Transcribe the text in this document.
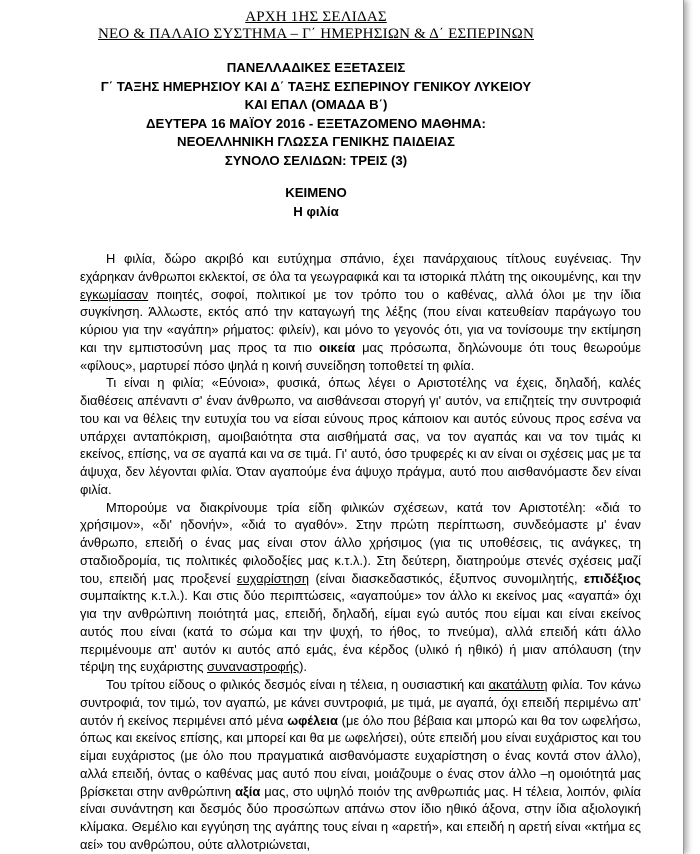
ΑΡΧΗ 1ΗΣ ΣΕΛΙΔΑΣ
ΝΕΟ & ΠΑΛΑΙΟ ΣΥΣΤΗΜΑ – Γ΄ ΗΜΕΡΗΣΙΩΝ & Δ΄ ΕΣΠΕΡΙΝΩΝ
ΠΑΝΕΛΛΑΔΙΚΕΣ ΕΞΕΤΑΣΕΙΣ
Γ΄ ΤΑΞΗΣ ΗΜΕΡΗΣΙΟΥ ΚΑΙ Δ΄ ΤΑΞΗΣ ΕΣΠΕΡΙΝΟΥ ΓΕΝΙΚΟΥ ΛΥΚΕΙΟΥ
ΚΑΙ ΕΠΑΛ (ΟΜΑΔΑ Β΄)
ΔΕΥΤΕΡΑ 16 ΜΑΪΟΥ 2016 - ΕΞΕΤΑΖΟΜΕΝΟ ΜΑΘΗΜΑ:
ΝΕΟΕΛΛΗΝΙΚΗ ΓΛΩΣΣΑ ΓΕΝΙΚΗΣ ΠΑΙΔΕΙΑΣ
ΣΥΝΟΛΟ ΣΕΛΙΔΩΝ: ΤΡΕΙΣ (3)
ΚΕΙΜΕΝΟ
Η φιλία

Η φιλία, δώρο ακριβό και ευτύχημα σπάνιο, έχει πανάρχαιους τίτλους ευγένειας. Την εχάρηκαν άνθρωποι εκλεκτοί, σε όλα τα γεωγραφικά και τα ιστορικά πλάτη της οικουμένης, και την εγκωμίασαν ποιητές, σοφοί, πολιτικοί με τον τρόπο του ο καθένας, αλλά όλοι με την ίδια συγκίνηση. Άλλωστε, εκτός από την καταγωγή της λέξης (που είναι κατευθείαν παράγωγο του κύριου για την «αγάπη» ρήματος: φιλείν), και μόνο το γεγονός ότι, για να τονίσουμε την εκτίμηση και την εμπιστοσύνη μας προς τα πιο οικεία μας πρόσωπα, δηλώνουμε ότι τους θεωρούμε «φίλους», μαρτυρεί πόσο ψηλά η κοινή συνείδηση τοποθετεί τη φιλία.

Τι είναι η φιλία; «Εύνοια», φυσικά, όπως λέγει ο Αριστοτέλης να έχεις, δηλαδή, καλές διαθέσεις απέναντι σ' έναν άνθρωπο, να αισθάνεσαι στοργή γι' αυτόν, να επιζητείς την συντροφιά του και να θέλεις την ευτυχία του να είσαι εύνους προς κάποιον και αυτός εύνους προς εσένα να υπάρχει ανταπόκριση, αμοιβαιότητα στα αισθήματά σας, να τον αγαπάς και να τον τιμάς κι εκείνος, επίσης, να σε αγαπά και να σε τιμά. Γι' αυτό, όσο τρυφερές κι αν είναι οι σχέσεις μας με τα άψυχα, δεν λέγονται φιλία. Όταν αγαπούμε ένα άψυχο πράγμα, αυτό που αισθανόμαστε δεν είναι φιλία.

Μπορούμε να διακρίνουμε τρία είδη φιλικών σχέσεων, κατά τον Αριστοτέλη: «διά το χρήσιμον», «δι' ηδονήν», «διά το αγαθόν». Στην πρώτη περίπτωση, συνδεόμαστε μ' έναν άνθρωπο, επειδή ο ένας μας είναι στον άλλο χρήσιμος (για τις υποθέσεις, τις ανάγκες, τη σταδιοδρομία, τις πολιτικές φιλοδοξίες μας κ.τ.λ.). Στη δεύτερη, διατηρούμε στενές σχέσεις μαζί του, επειδή μας προξενεί ευχαρίστηση (είναι διασκεδαστικός, έξυπνος συνομιλητής, επιδέξιος συμπαίκτης κ.τ.λ.). Και στις δύο περιπτώσεις, «αγαπούμε» τον άλλο κι εκείνος μας «αγαπά» όχι για την ανθρώπινη ποιότητά μας, επειδή, δηλαδή, είμαι εγώ αυτός που είμαι και είναι εκείνος αυτός που είναι (κατά το σώμα και την ψυχή, το ήθος, το πνεύμα), αλλά επειδή κάτι άλλο περιμένουμε απ' αυτόν κι αυτός από εμάς, ένα κέρδος (υλικό ή ηθικό) ή μιαν απόλαυση (την τέρψη της ευχάριστης συναναστροφής).

Του τρίτου είδους ο φιλικός δεσμός είναι η τέλεια, η ουσιαστική και ακατάλυτη φιλία. Τον κάνω συντροφιά, τον τιμώ, τον αγαπώ, με κάνει συντροφιά, με τιμά, με αγαπά, όχι επειδή περιμένω απ' αυτόν ή εκείνος περιμένει από μένα ωφέλεια (με όλο που βέβαια και μπορώ και θα τον ωφελήσω, όπως και εκείνος επίσης, και μπορεί και θα με ωφελήσει), ούτε επειδή μου είναι ευχάριστος και του είμαι ευχάριστος (με όλο που πραγματικά αισθανόμαστε ευχαρίστηση ο ένας κοντά στον άλλο), αλλά επειδή, όντας ο καθένας μας αυτό που είναι, μοιάζουμε ο ένας στον άλλο –η ομοιότητά μας βρίσκεται στην ανθρώπινη αξία μας, στο υψηλό ποιόν της ανθρωπιάς μας. Η τέλεια, λοιπόν, φιλία είναι συνάντηση και δεσμός δύο προσώπων απάνω στον ίδιο ηθικό άξονα, στην ίδια αξιολογική κλίμακα. Θεμέλιο και εγγύηση της αγάπης τους είναι η «αρετή», και επειδή η αρετή είναι «κτήμα ες αεί» του ανθρώπου, ούτε αλλοτριώνεται,
